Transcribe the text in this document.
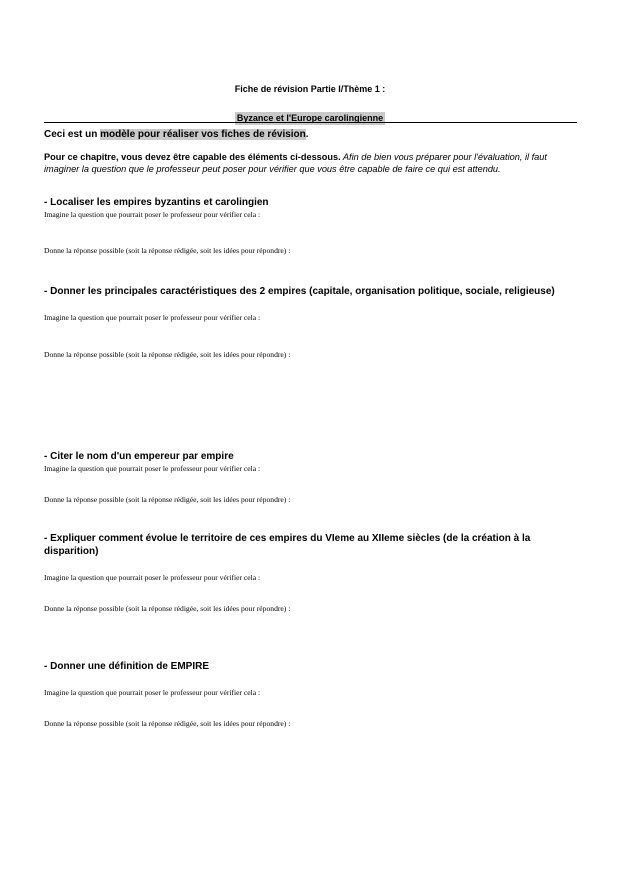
Fiche de révision Partie I/Thème 1 :
Byzance et l'Europe carolingienne
Ceci est un modèle pour réaliser vos fiches de révision.
Pour ce chapitre, vous devez être capable des éléments ci-dessous. Afin de bien vous préparer pour l'évaluation, il faut imaginer la question que le professeur peut poser pour vérifier que vous être capable de faire ce qui est attendu.
- Localiser les empires byzantins et carolingien
Imagine la question que pourrait poser le professeur pour vérifier cela :
Donne la réponse possible (soit la réponse rédigée, soit les idées pour répondre) :
- Donner les principales caractéristiques des 2 empires (capitale, organisation politique, sociale, religieuse)
Imagine la question que pourrait poser le professeur pour vérifier cela :
Donne la réponse possible (soit la réponse rédigée, soit les idées pour répondre) :
- Citer le nom d'un empereur par empire
Imagine la question que pourrait poser le professeur pour vérifier cela :
Donne la réponse possible (soit la réponse rédigée, soit les idées pour répondre) :
- Expliquer comment évolue le territoire de ces empires du VIeme au XIIeme siècles (de la création à la disparition)
Imagine la question que pourrait poser le professeur pour vérifier cela :
Donne la réponse possible (soit la réponse rédigée, soit les idées pour répondre) :
- Donner une définition de EMPIRE
Imagine la question que pourrait poser le professeur pour vérifier cela :
Donne la réponse possible (soit la réponse rédigée, soit les idées pour répondre) :
